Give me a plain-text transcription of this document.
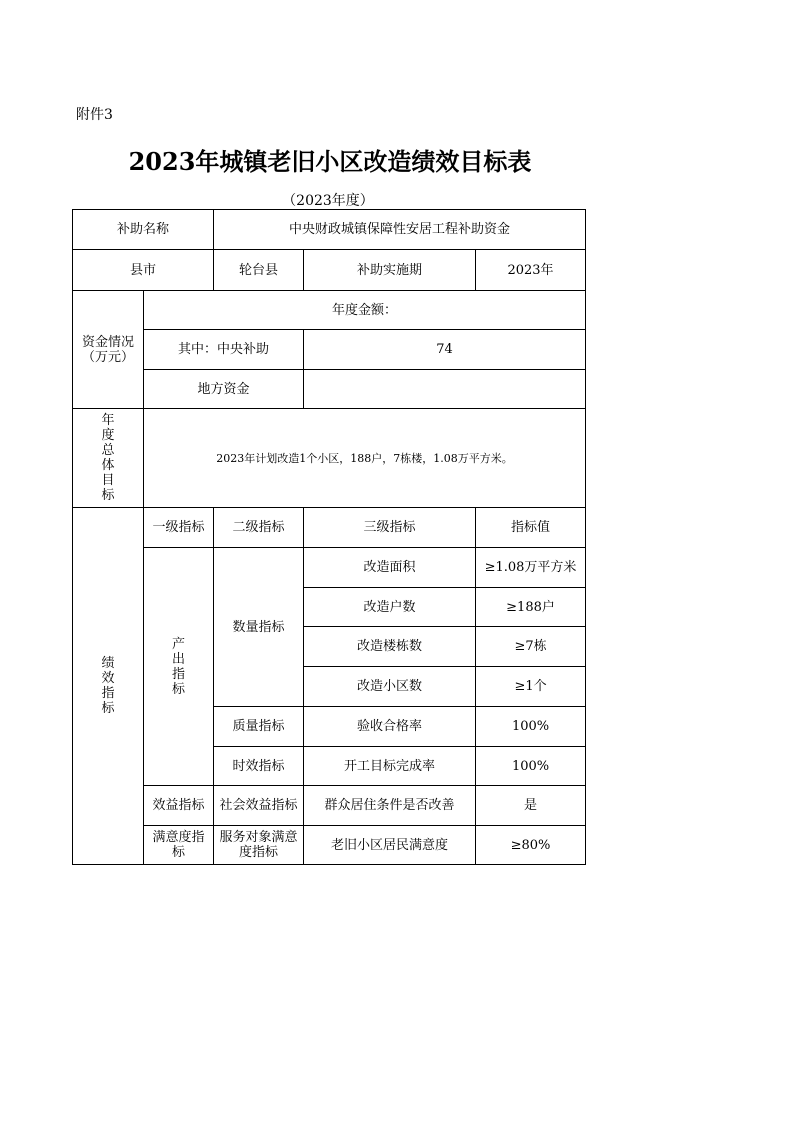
附件3
2023年城镇老旧小区改造绩效目标表
（2023年度）
补助名称		中央财政城镇保障性安居工程补助资金		
县市		轮台县	补助实施期	2023年
资金情况（万元）	年度金额：			
	其中：中央补助		74	
	地方资金			
年度总体目标	2023年计划改造1个小区，188户，7栋楼，1.08万平方米。			
绩效指标	一级指标	二级指标	三级指标	指标值
	产出指标	数量指标	改造面积	≥1.08万平方米
			改造户数	≥188户
			改造楼栋数	≥7栋
			改造小区数	≥1个
		质量指标	验收合格率	100%
		时效指标	开工目标完成率	100%
	效益指标	社会效益指标	群众居住条件是否改善	是
	满意度指标	服务对象满意度指标	老旧小区居民满意度	≥80%
